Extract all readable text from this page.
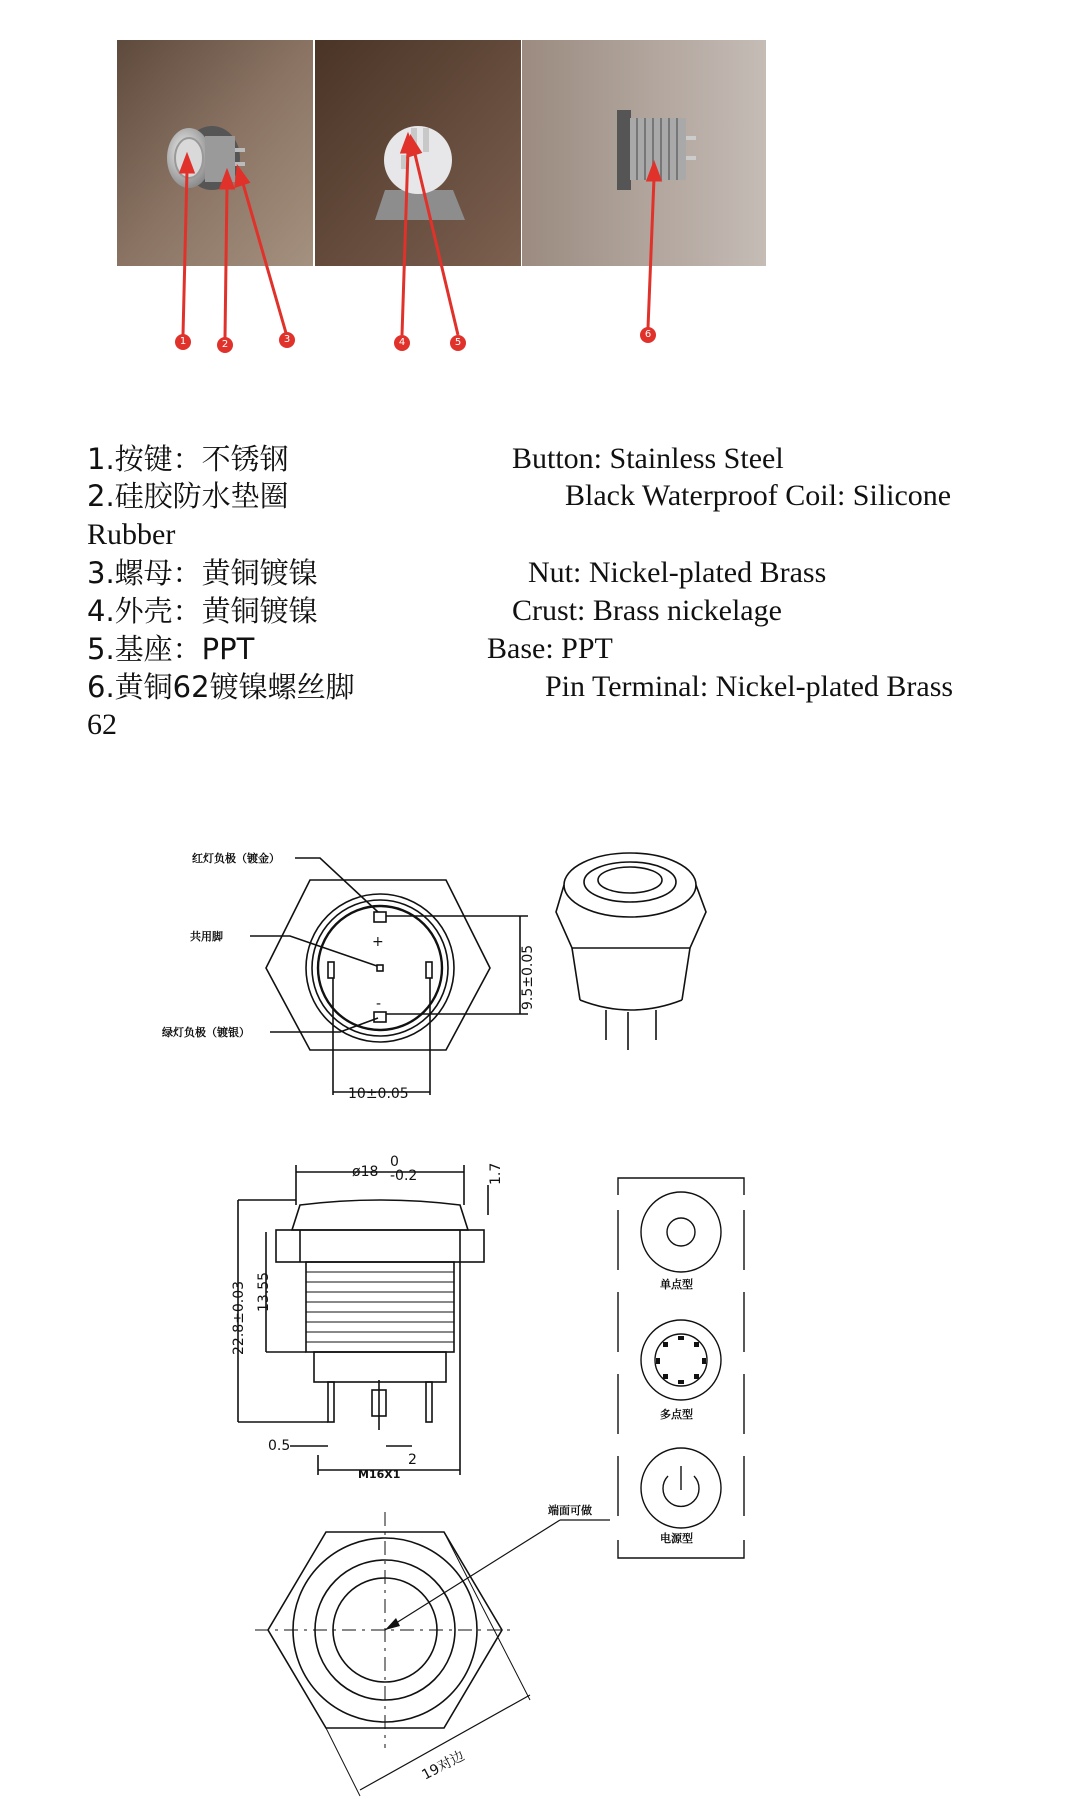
1	2	3	4	5
6
1.按键：不锈钢	Button: Stainless Steel
2.硅胶防水垫圈	Black Waterproof Coil: Silicone
Rubber
3.螺母：黄铜镀镍	Nut: Nickel-plated Brass
4.外壳：黄铜镀镍	Crust: Brass nickelage
5.基座：PPT	Base: PPT
6.黄铜62镀镍螺丝脚	Pin Terminal: Nickel-plated Brass
62
红灯负极（镀金）
共用脚
绿灯负极（镀银）
+
-	9.5±0.05
10±0.05
ø18
0
-0.2	1.7
22.8±0.03 13.55
0.5
2
M16X1
单点型
多点型
电源型
端面可做
19对边
